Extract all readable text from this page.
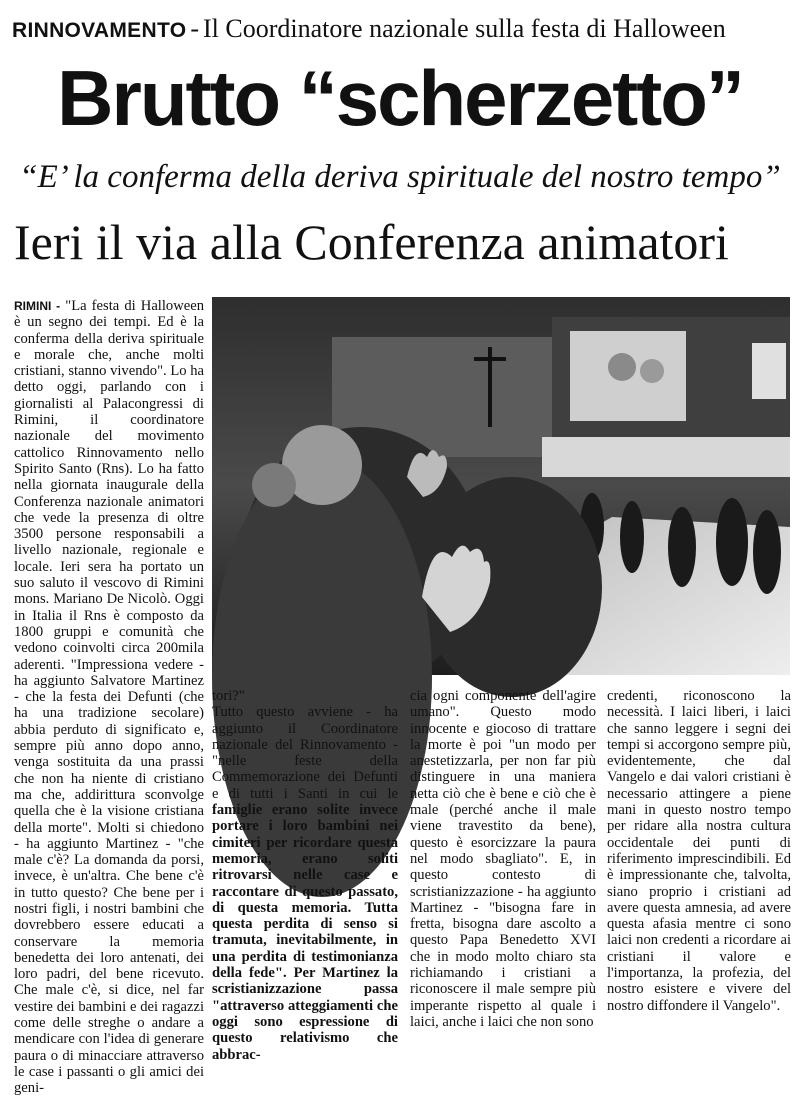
RINNOVAMENTO - Il Coordinatore nazionale sulla festa di Halloween
Brutto “scherzetto”
“E’ la conferma della deriva spirituale del nostro tempo”
Ieri il via alla Conferenza animatori
RIMINI - "La festa di Halloween è un segno dei tempi. Ed è la conferma della deriva spirituale e morale che, anche molti cristiani, stanno vivendo". Lo ha detto oggi, parlando con i giornalisti al Palacongressi di Rimini, il coordinatore nazionale del movimento cattolico Rinnovamento nello Spirito Santo (Rns). Lo ha fatto nella giornata inaugurale della Conferenza nazionale animatori che vede la presenza di oltre 3500 persone responsabili a livello nazionale, regionale e locale. Ieri sera ha portato un suo saluto il vescovo di Rimini mons. Mariano De Nicolò. Oggi in Italia il Rns è composto da 1800 gruppi e comunità che vedono coinvolti circa 200mila aderenti. "Impressiona vedere - ha aggiunto Salvatore Martinez - che la festa dei Defunti (che ha una tradizione secolare) abbia perduto di significato e, sempre più anno dopo anno, venga sostituita da una prassi che non ha niente di cristiano ma che, addirittura sconvolge quella che è la visione cristiana della morte". Molti si chiedono - ha aggiunto Martinez - "che male c'è? La domanda da porsi, invece, è un'altra. Che bene c'è in tutto questo? Che bene per i nostri figli, i nostri bambini che dovrebbero essere educati a conservare la memoria benedetta dei loro antenati, dei loro padri, del bene ricevuto. Che male c'è, si dice, nel far vestire dei bambini e dei ragazzi come delle streghe o andare a mendicare con l'idea di generare paura o di minacciare attraverso le case i passanti o gli amici dei geni-
tori?"
Tutto questo avviene - ha aggiunto il Coordinatore nazionale del Rinnovamento - "nelle feste della Commemorazione dei Defunti e di tutti i Santi in cui le famiglie erano solite invece portare i loro bambini nei cimiteri per ricordare questa memoria, erano soliti ritrovarsi nelle case e raccontare di questo passato, di questa memoria. Tutta questa perdita di senso si tramuta, inevitabilmente, in una perdita di testimonianza della fede". Per Martinez la scristianizzazione passa "attraverso atteggiamenti che oggi sono espressione di questo relativismo che abbrac-
cia ogni componente dell'agire umano". Questo modo innocente e giocoso di trattare la morte è poi "un modo per anestetizzarla, per non far più distinguere in una maniera netta ciò che è bene e ciò che è male (perché anche il male viene travestito da bene), questo è esorcizzare la paura nel modo sbagliato". E, in questo contesto di scristianizzazione - ha aggiunto Martinez - "bisogna fare in fretta, bisogna dare ascolto a questo Papa Benedetto XVI che in modo molto chiaro sta richiamando i cristiani a riconoscere il male sempre più imperante rispetto al quale i laici, anche i laici che non sono
credenti, riconoscono la necessità. I laici liberi, i laici che sanno leggere i segni dei tempi si accorgono sempre più, evidentemente, che dal Vangelo e dai valori cristiani è necessario attingere a piene mani in questo nostro tempo per ridare alla nostra cultura occidentale dei punti di riferimento imprescindibili. Ed è impressionante che, talvolta, siano proprio i cristiani ad avere questa amnesia, ad avere questa afasia mentre ci sono laici non credenti a ricordare ai cristiani il valore e l'importanza, la profezia, del nostro esistere e vivere del nostro diffondere il Vangelo".
